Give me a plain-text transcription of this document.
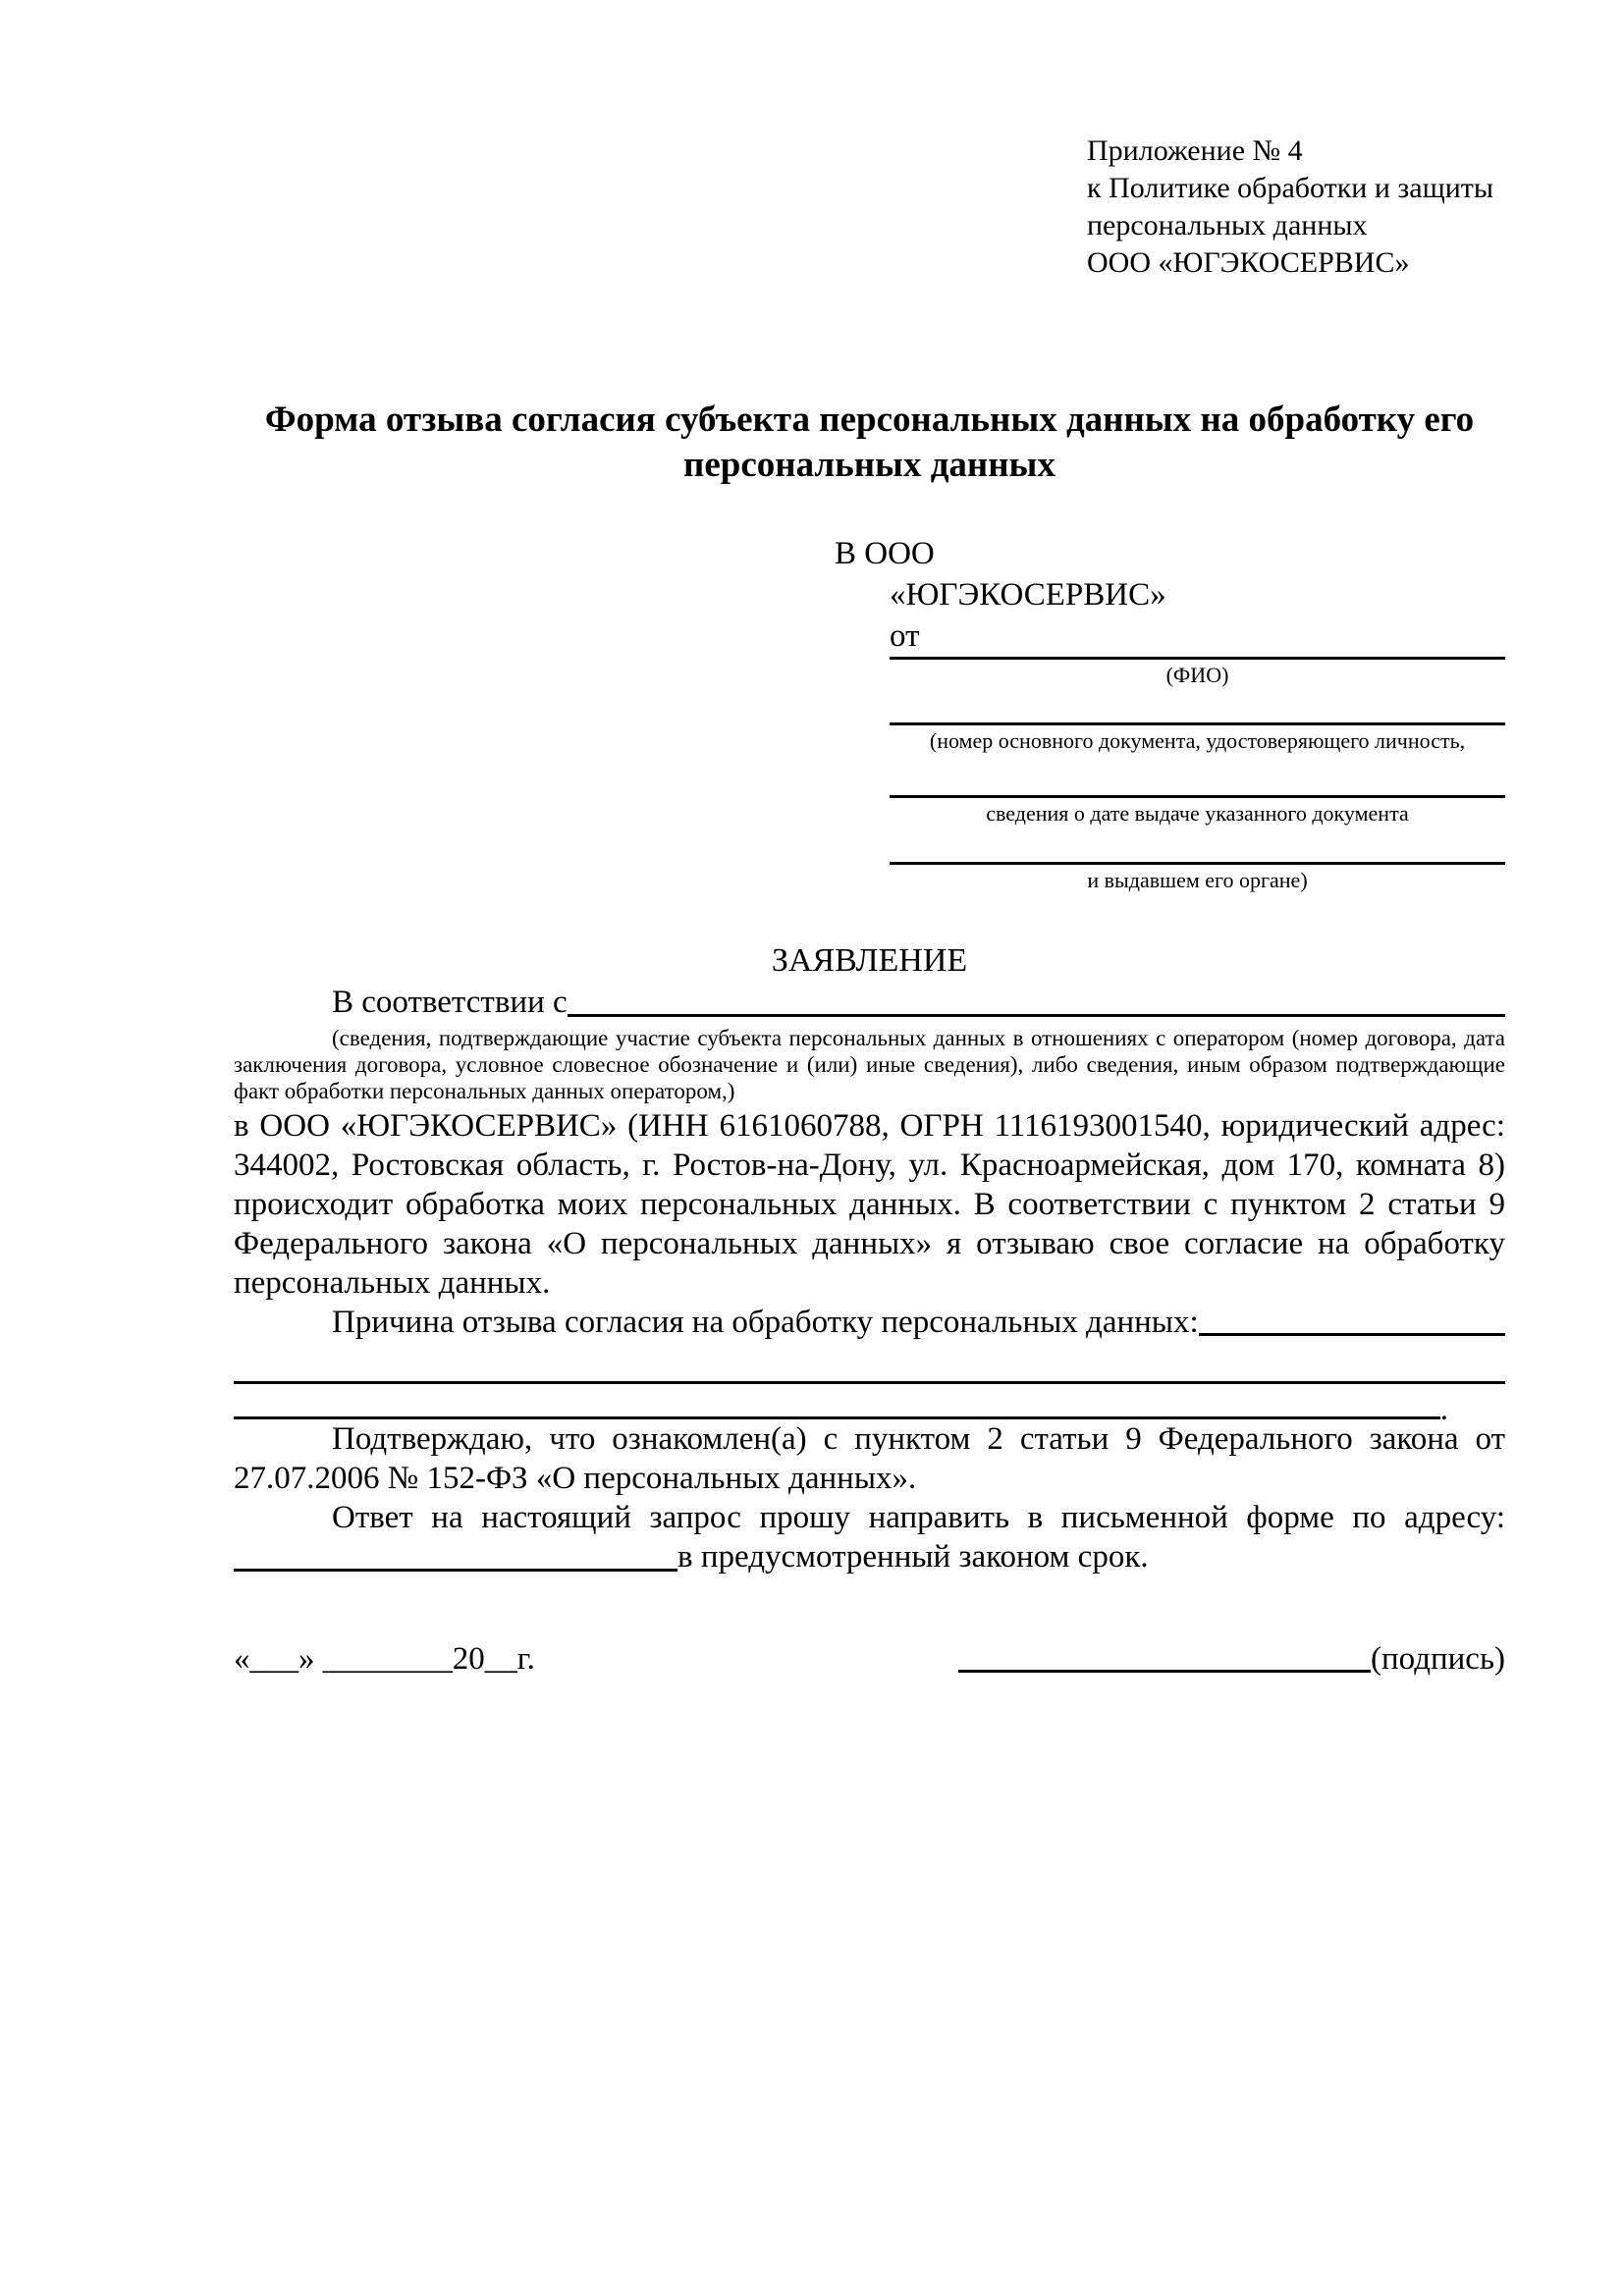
Приложение № 4
к Политике обработки и защиты
персональных данных
ООО «ЮГЭКОСЕРВИС»
Форма отзыва согласия субъекта персональных данных на обработку его персональных данных
В ООО
«ЮГЭКОСЕРВИС»
от
(ФИО)
(номер основного документа, удостоверяющего личность,
сведения о дате выдаче указанного документа
и выдавшем его органе)
ЗАЯВЛЕНИЕ
В соответствии с
(сведения, подтверждающие участие субъекта персональных данных в отношениях с оператором (номер договора, дата заключения договора, условное словесное обозначение и (или) иные сведения), либо сведения, иным образом подтверждающие факт обработки персональных данных оператором,)
в ООО «ЮГЭКОСЕРВИС» (ИНН 6161060788, ОГРН 1116193001540, юридический адрес: 344002, Ростовская область, г. Ростов-на-Дону, ул. Красноармейская, дом 170, комната 8) происходит обработка моих персональных данных. В соответствии с пунктом 2 статьи 9 Федерального закона «О персональных данных» я отзываю свое согласие на обработку персональных данных.
Причина отзыва согласия на обработку персональных данных:
.
Подтверждаю, что ознакомлен(а) с пунктом 2 статьи 9 Федерального закона от 27.07.2006 № 152-ФЗ «О персональных данных».
Ответ на настоящий запрос прошу направить в письменной форме по адресу:
в предусмотренный законом срок.
«___» ________20__г.	(подпись)
